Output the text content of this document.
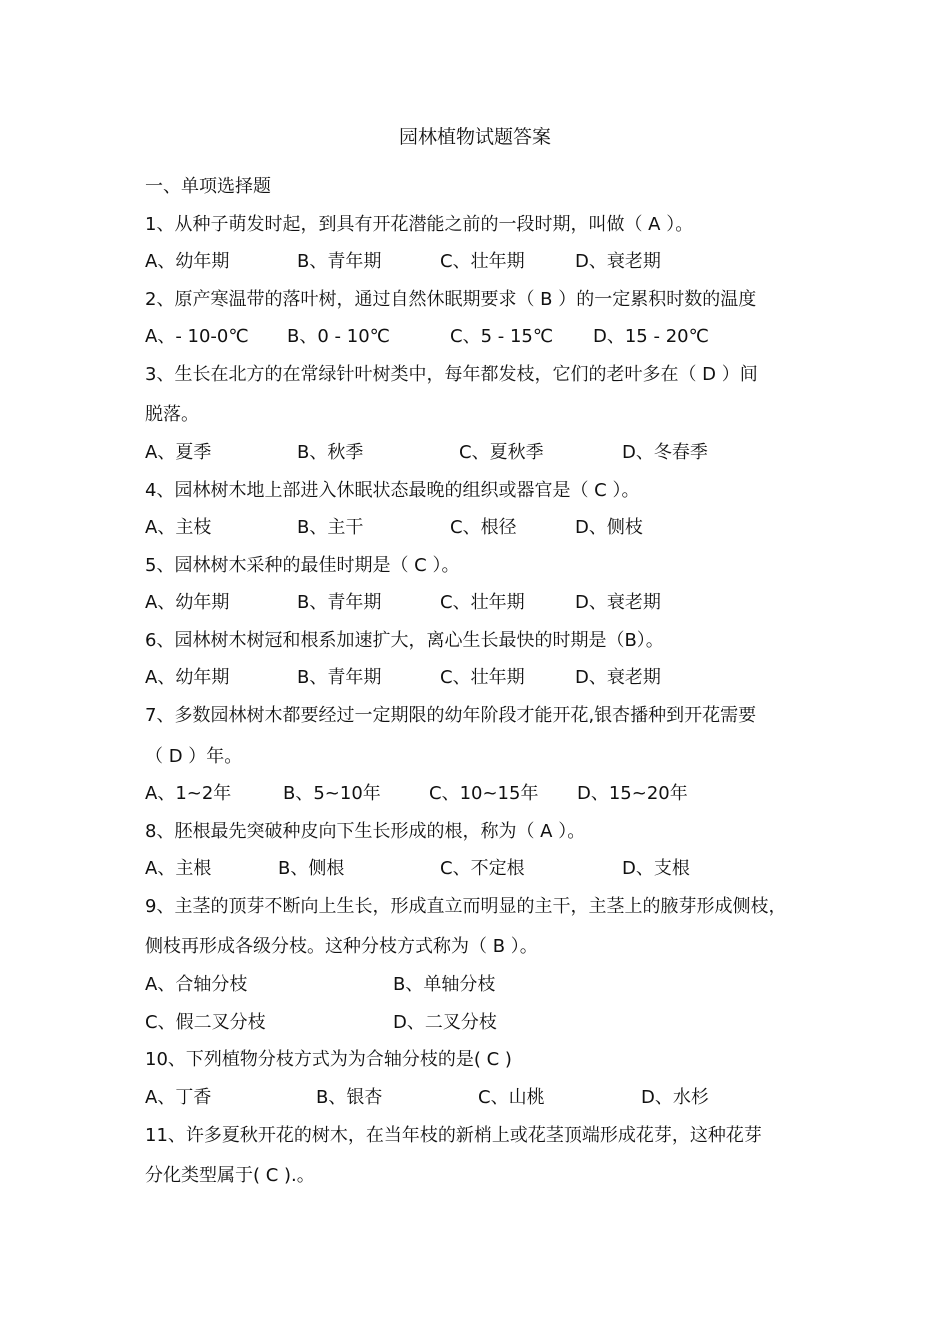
园林植物试题答案
一、单项选择题
1、从种子萌发时起，到具有开花潜能之前的一段时期，叫做（ A ）。
A、幼年期	B、青年期	C、壮年期	D、衰老期
2、原产寒温带的落叶树，通过自然休眠期要求（ B ）的一定累积时数的温度
A、- 10-0℃ B、0 - 10℃	C、5 - 15℃ D、15 - 20℃
3、生长在北方的在常绿针叶树类中，每年都发枝，它们的老叶多在（ D ）间
脱落。
A、夏季	B、秋季	C、夏秋季	D、冬春季
4、园林树木地上部进入休眠状态最晚的组织或器官是（ C ）。
A、主枝	B、主干	C、根径	D、侧枝
5、园林树木采种的最佳时期是（ C ）。
A、幼年期	B、青年期	C、壮年期	D、衰老期
6、园林树木树冠和根系加速扩大，离心生长最快的时期是（B）。
A、幼年期	B、青年期	C、壮年期	D、衰老期
7、多数园林树木都要经过一定期限的幼年阶段才能开花,银杏播种到开花需要
（ D ）年。
A、1~2年	B、5~10年	C、10~15年 D、15~20年
8、胚根最先突破种皮向下生长形成的根，称为（ A ）。
A、主根	B、侧根	C、不定根	D、支根
9、主茎的顶芽不断向上生长，形成直立而明显的主干，主茎上的腋芽形成侧枝，
侧枝再形成各级分枝。这种分枝方式称为（ B ）。
A、合轴分枝	B、单轴分枝
C、假二叉分枝	D、二叉分枝
10、下列植物分枝方式为为合轴分枝的是( C )
A、丁香	B、银杏	C、山桃	D、水杉
11、许多夏秋开花的树木，在当年枝的新梢上或花茎顶端形成花芽，这种花芽
分化类型属于( C ).。
